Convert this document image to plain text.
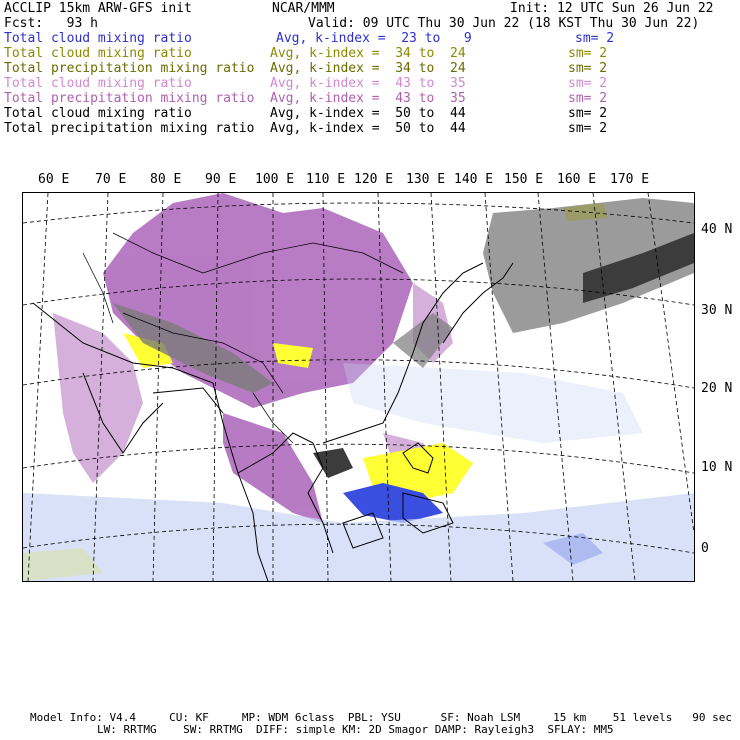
ACCLIP 15km ARW-GFS init	NCAR/MMM	Init: 12 UTC Sun 26 Jun 22
Fcst:   93 h	Valid: 09 UTC Thu 30 Jun 22 (18 KST Thu 30 Jun 22)
Total cloud mixing ratio	Avg, k-index =  23 to   9	sm= 2
Total cloud mixing ratio	Avg, k-index =  34 to  24	sm= 2
Total precipitation mixing ratio Avg, k-index =  34 to  24	sm= 2
Total cloud mixing ratio	Avg, k-index =  43 to  35	sm= 2
Total precipitation mixing ratio Avg, k-index =  43 to  35	sm= 2
Total cloud mixing ratio	Avg, k-index =  50 to  44	sm= 2
Total precipitation mixing ratio Avg, k-index =  50 to  44	sm= 2
60 E 70 E 80 E 90 E 100 E 110 E 120 E 130 E 140 E 150 E 160 E 170 E
40 N
30 N
20 N
10 N
0
Model Info: V4.4     CU: KF     MP: WDM 6class  PBL: YSU      SF: Noah LSM     15 km    51 levels   90 sec
LW: RRTMG    SW: RRTMG  DIFF: simple KM: 2D Smagor DAMP: Rayleigh3  SFLAY: MM5
